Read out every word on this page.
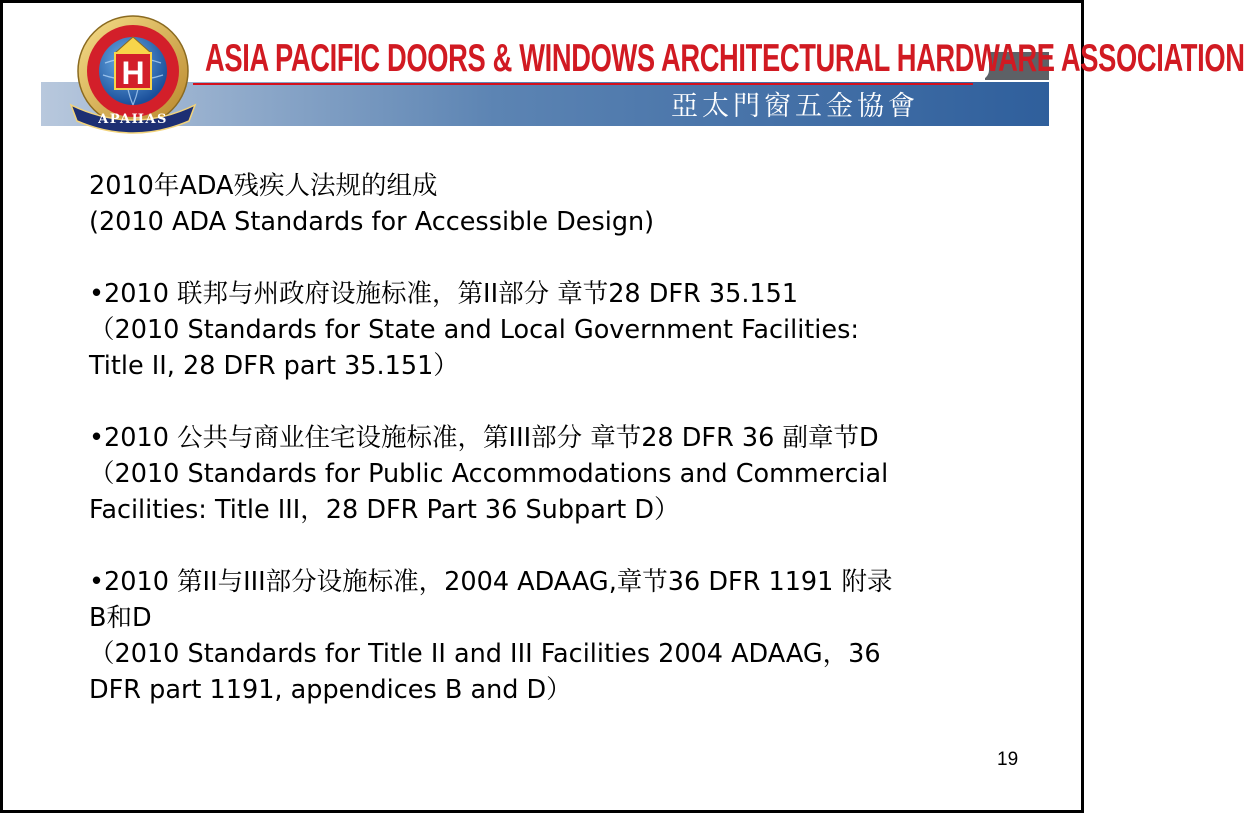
ASIA PACIFIC DOORS & WINDOWS ARCHITECTURAL HARDWARE ASSOCIATION

亞太門窗五金協會

H
APAHAS

2010年ADA残疾人法规的组成

(2010 ADA Standards for Accessible Design)

•2010 联邦与州政府设施标准，第II部分 章节28 DFR 35.151

（2010 Standards for State and Local Government Facilities:

Title II, 28 DFR part 35.151）

•2010 公共与商业住宅设施标准，第III部分 章节28 DFR 36 副章节D

（2010 Standards for Public Accommodations and Commercial

Facilities: Title III，28 DFR Part 36 Subpart D）

•2010 第II与III部分设施标准，2004 ADAAG,章节36 DFR 1191 附录

B和D

（2010 Standards for Title II and III Facilities 2004 ADAAG，36

DFR part 1191, appendices B and D）

19
